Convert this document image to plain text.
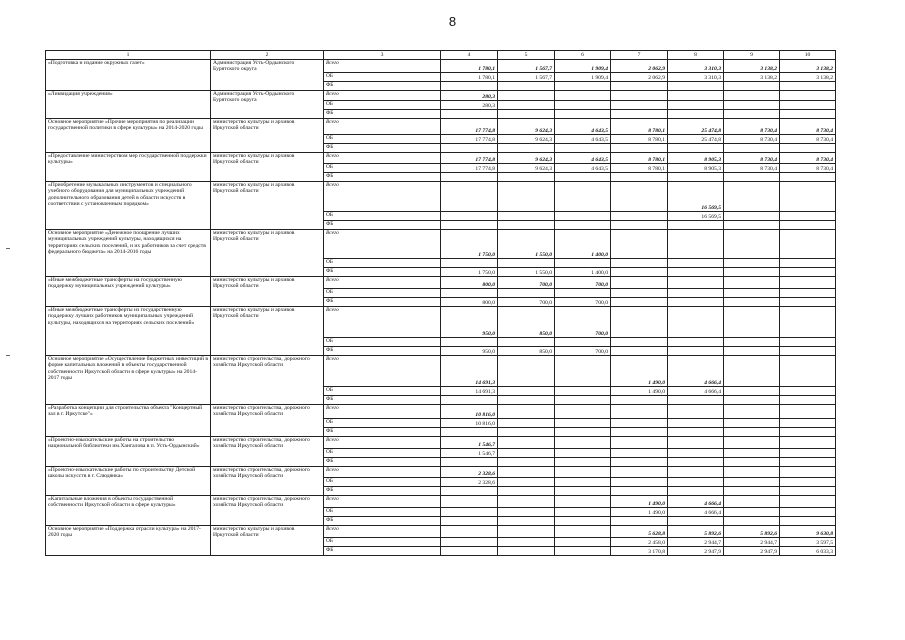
8
1	2	3	4	5	6	7	8	9	10
«Подготовка и издание окружных газет»	Администрация Усть-Ордынского Бурятского округа	Всего	1 780,1	1 567,7	1 909,4	2 062,9	3 310,3	3 138,2	3 138,2
		ОБ	1 780,1	1 567,7	1 909,4	2 062,9	3 310,3	3 138,2	3 138,2
		ФБ							
«Ликвидация учреждения»	Администрация Усть-Ордынского Бурятского округа	Всего	280,3						
		ОБ	280,3						
		ФБ							
Основное мероприятие «Прочие мероприятия по реализации государственной политики в сфере культуры» на 2014-2020 годы	министерство культуры и архивов Иркутской области	Всего	17 774,8	9 624,3	4 643,5	8 780,1	25 474,8	8 730,4	8 730,4
		ОБ	17 774,8	9 624,3	4 643,5	8 780,1	25 474,8	8 730,4	8 730,4
		ФБ							
«Предоставление министерством мер государственной поддержки культуры»	министерство культуры и архивов Иркутской области	Всего	17 774,8	9 624,3	4 643,5	8 780,1	8 905,3	8 730,4	8 730,4
		ОБ	17 774,8	9 624,3	4 643,5	8 780,1	8 905,3	8 730,4	8 730,4
		ФБ							
«Приобретение музыкальных инструментов и специального учебного оборудования для муниципальных учреждений дополнительного образования детей в области искусств в соответствии с установленным порядком»	министерство культуры и архивов Иркутской области	Всего					16 569,5		
		ОБ					16 569,5		
		ФБ							
Основное мероприятие «Денежное поощрение лучших муниципальных учреждений культуры, находящихся на территориях сельских поселений, и их работников за счет средств федерального бюджета» на 2014-2016 годы	министерство культуры и архивов Иркутской области	Всего	1 750,0	1 550,0	1 400,0				
		ОБ							
		ФБ	1 750,0	1 550,0	1 400,0				
«Иные межбюджетные трансферты на государственную поддержку муниципальных учреждений культуры»	министерство культуры и архивов Иркутской области	Всего	800,0	700,0	700,0				
		ОБ							
		ФБ	800,0	700,0	700,0				
«Иные межбюджетные трансферты из государственную поддержку лучших работников муниципальных учреждений культуры, находящихся на территориях сельских поселений»	министерство культуры и архивов Иркутской области	Всего	950,0	850,0	700,0				
		ОБ							
		ФБ	950,0	850,0	700,0				
Основное мероприятие «Осуществление бюджетных инвестиций в форме капитальных вложений в объекты государственной собственности Иркутской области в сфере культуры» на 2014-2017 годы	министерство строительства, дорожного хозяйства Иркутской области	Всего	14 691,3			1 490,0	4 666,4		
		ОБ	14 691,3			1 490,0	4 666,4		
		ФБ							
«Разработка концепции для строительства объекта "Концертный зал в г. Иркутске"»	министерство строительства, дорожного хозяйства Иркутской области	Всего	10 816,0						
		ОБ	10 816,0						
		ФБ							
«Проектно-изыскательские работы на строительство национальной библиотеки им.Хангалова в п. Усть-Ордынский»	министерство строительства, дорожного хозяйства Иркутской области	Всего	1 546,7						
		ОБ	1 546,7						
		ФБ							
«Проектно-изыскательские работы по строительству Детской школы искусств в г. Слюдянка»	министерство строительства, дорожного хозяйства Иркутской области	Всего	2 328,6						
		ОБ	2 328,6						
		ФБ							
«Капитальные вложения в объекты государственной собственности Иркутской области в сфере культуры»	министерство строительства, дорожного хозяйства Иркутской области	Всего				1 490,0	4 666,4		
		ОБ				1 490,0	4 666,4		
		ФБ							
Основное мероприятие «Поддержка отрасли культура» на 2017-2020 годы	министерство культуры и архивов Иркутской области	Всего				5 628,8	5 892,6	5 892,6	9 630,8
		ОБ				2 458,0	2 944,7	2 944,7	3 597,5
		ФБ				3 170,8	2 947,9	2 947,9	6 033,3
